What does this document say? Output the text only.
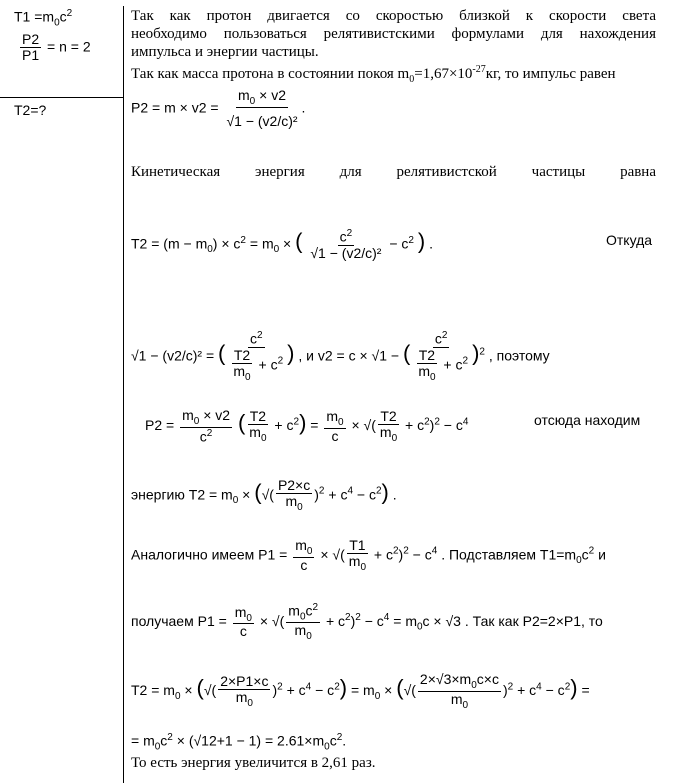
$T1 =m_0c^2$
$\frac{P2}{P1} = n = 2$
T2=?
Так как протон двигается со скоростью близкой к скорости света
необходимо пользоваться релятивистскими формулами для нахождения
импульса и энергии частицы.
Так как масса протона в состоянии покоя $m_0=1,67\times 10^{-27}кг$, то импульс равен
$P2 = m \times v2 = \frac{m_0 \times v2}{\text{√1 − (v2/c)²}}$ .
Кинетическая энергия для релятивистской частицы равна
$T2 = (m - m_0) \times c^2 = m_0$ × ( $\frac{c^2}{\text{√1 − (v2/c)²}} - c^2$ ) .	Откуда
√1 − (v2/c)² = ( $\frac{c^2}{\frac{T2}{m_0} + c^2}$ ) , и v2 = c × √1 − ( $\frac{c^2}{\frac{T2}{m_0} + c^2} )^2$ , поэтому
$P2 = \frac{m_0 \times v2}{c^2}$ ( $\frac{T2}{m_0} + c^2) = \frac{m_0}{c}$ × √( $\frac{T2}{m_0} + c^2)^2 - c^4$	отсюда находим
энергию $T2 = m_0$ × (√( $\frac{P2\times c}{m_0} )^2 + c^4 - c^2$) .
Аналогично имеем $P1 = \frac{m_0}{c}$ × √( $\frac{T1}{m_0} + c^2)^2 - c^4$ . Подставляем $T1=m_0c^2$ и
получаем $P1 = \frac{m_0}{c}$ × √( $\frac{m_0c^2}{m_0} + c^2)^2 - c^4 = m_0c \times √3$ . Так как P2=2×P1, то
$T2 = m_0$ × (√( $\frac{2\times P1\times c}{m_0} )^2 + c^4 - c^2) = m_0$ × (√( $\frac{2\times√3\times m_0c\times c}{m_0} )^2 + c^4 - c^2$) =
= $m_0c^2 \times (√12+1 - 1) = 2.61\times m_0c^2$.
То есть энергия увеличится в 2,61 раз.
